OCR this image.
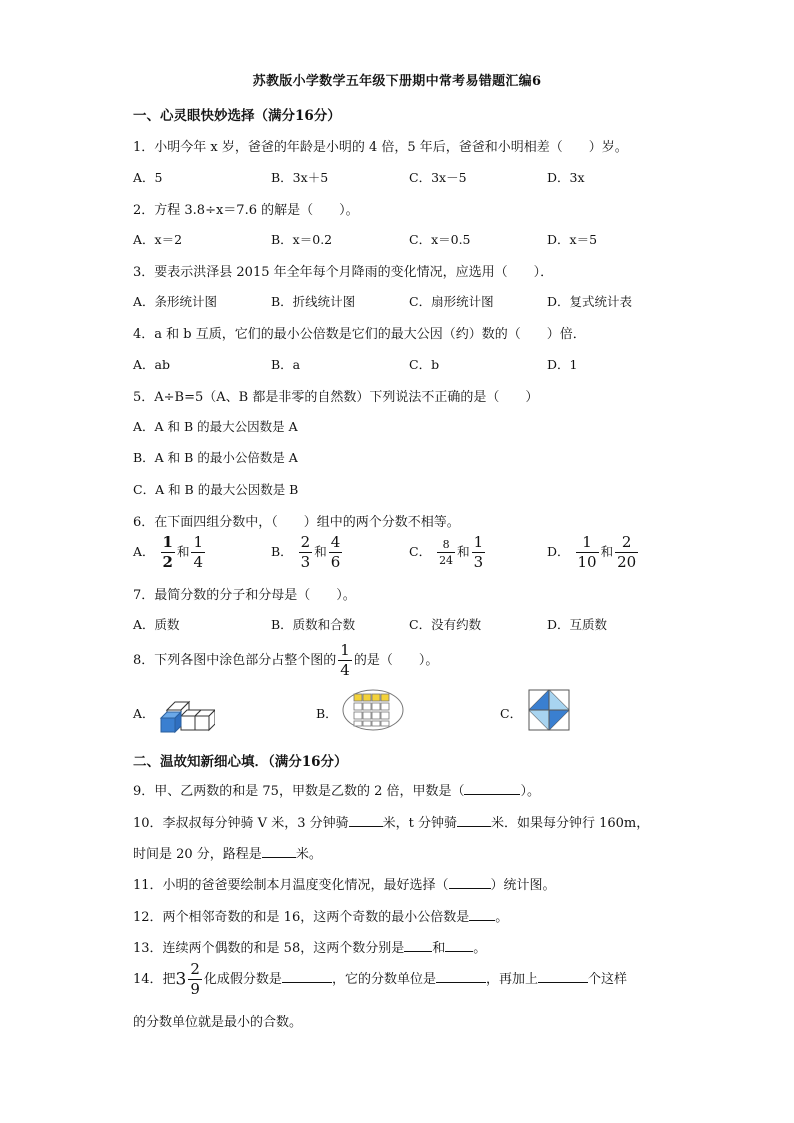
苏教版小学数学五年级下册期中常考易错题汇编6
一、心灵眼快妙选择（满分16分）
1．小明今年 x 岁，爸爸的年龄是小明的 4 倍，5 年后，爸爸和小明相差（　　）岁。
A．5	B．3x＋5	C．3x－5	D．3x
2．方程 3.8÷x＝7.6 的解是（　　）。
A．x＝2	B．x＝0.2	C．x＝0.5	D．x＝5
3．要表示洪泽县 2015 年全年每个月降雨的变化情况，应选用（　　）．
A．条形统计图	B．折线统计图	C．扇形统计图	D．复式统计表
4．a 和 b 互质，它们的最小公倍数是它们的最大公因（约）数的（　　）倍．
A．ab	B．a	C．b	D．1
5．A÷B=5（A、B 都是非零的自然数）下列说法不正确的是（　　）
A．A 和 B 的最大公因数是 A
B．A 和 B 的最小公倍数是 A
C．A 和 B 的最大公因数是 B
6．在下面四组分数中，（　　）组中的两个分数不相等。
A． $\frac{1}{2}$ 和 $\frac{1}{4}$	B． $\frac{2}{3}$ 和 $\frac{4}{6}$	C． $\frac{8}{24}$ 和 $\frac{1}{3}$	D． $\frac{1}{10}$ 和 $\frac{2}{20}$
7．最简分数的分子和分母是（　　）。
A．质数	B．质数和合数	C．没有约数	D．互质数
8．下列各图中涂色部分占整个图的 $\frac{1}{4}$ 的是（　　）。
A．	B．	C．
二、温故知新细心填．（满分16分）
9．甲、乙两数的和是 75，甲数是乙数的 2 倍，甲数是（	）。
10．李叔叔每分钟骑 V 米，3 分钟骑	米，t 分钟骑	米．如果每分钟行 160m，
时间是 20 分，路程是	米。
11．小明的爸爸要绘制本月温度变化情况，最好选择（	）统计图。
12．两个相邻奇数的和是 16，这两个奇数的最小公倍数是 。
13．连续两个偶数的和是 58，这两个数分别是 和 。
14．把$3 \frac{2}{9}$ 化成假分数是	，它的分数单位是	，再加上	个这样
的分数单位就是最小的合数。
